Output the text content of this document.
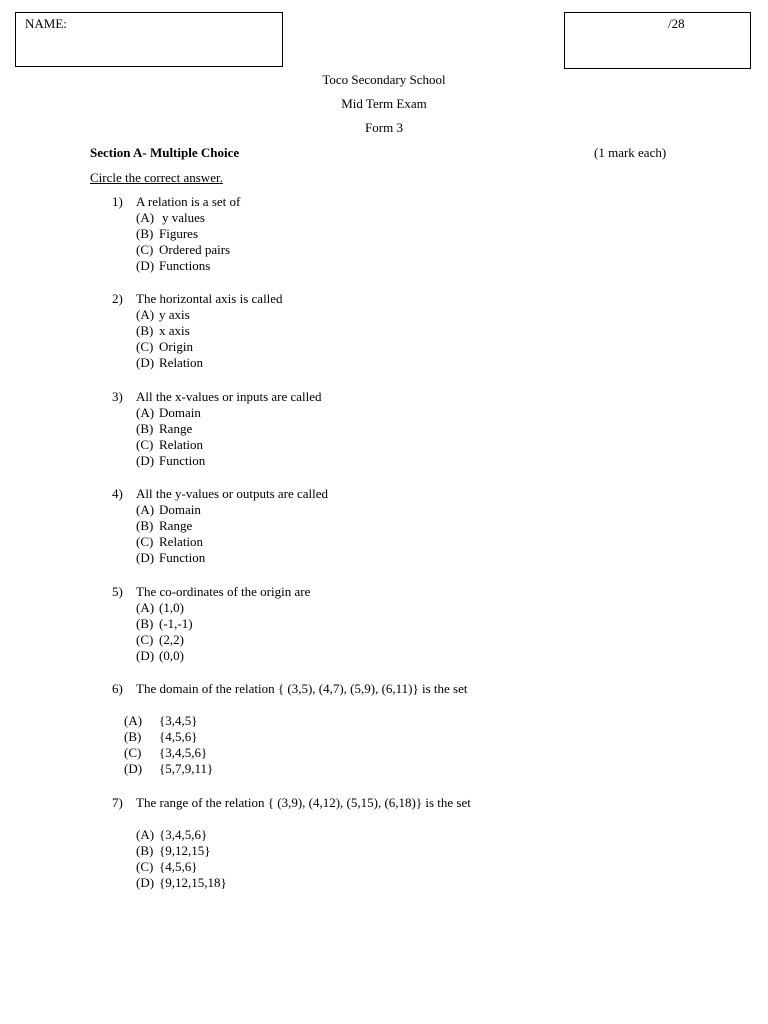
NAME:	/28
Toco Secondary School
Mid Term Exam
Form 3
Section A- Multiple Choice	(1 mark each)
Circle the correct answer.
1) A relation is a set of
(A) y values
(B) Figures
(C) Ordered pairs
(D) Functions
2) The horizontal axis is called
(A) y axis
(B) x axis
(C) Origin
(D) Relation
3) All the x-values or inputs are called
(A) Domain
(B) Range
(C) Relation
(D) Function
4) All the y-values or outputs are called
(A) Domain
(B) Range
(C) Relation
(D) Function
5) The co-ordinates of the origin are
(A) (1,0)
(B) (-1,-1)
(C) (2,2)
(D) (0,0)
6) The domain of the relation { (3,5), (4,7), (5,9), (6,11)} is the set
(A) {3,4,5}
(B) {4,5,6}
(C) {3,4,5,6}
(D) {5,7,9,11}
7) The range of the relation { (3,9), (4,12), (5,15), (6,18)} is the set
(A) {3,4,5,6}
(B) {9,12,15}
(C) {4,5,6}
(D) {9,12,15,18}
